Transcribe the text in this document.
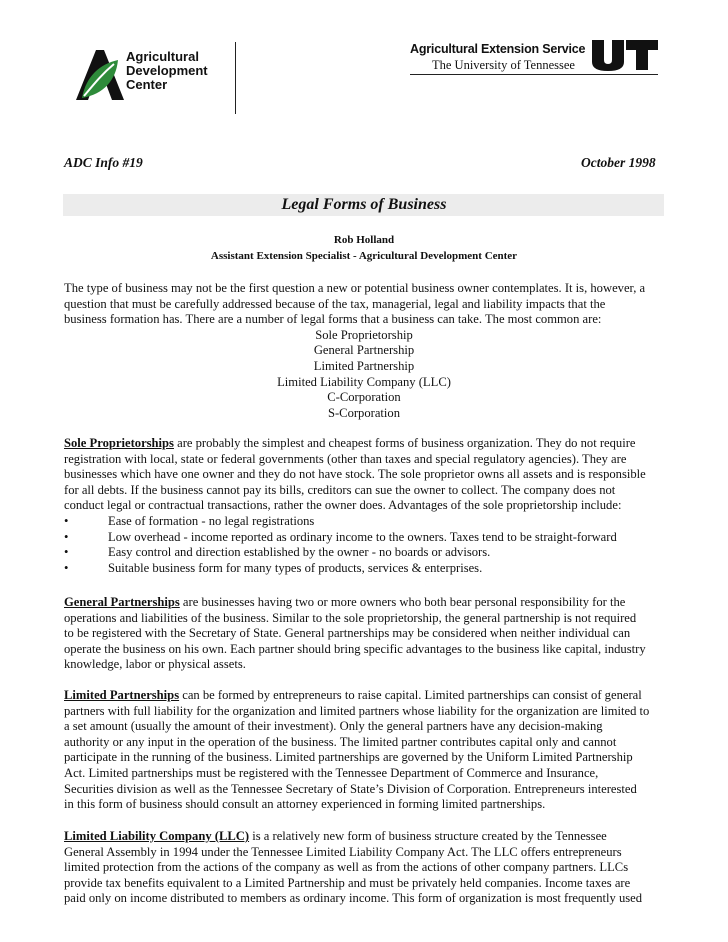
Agricultural
Development
Center
Agricultural Extension Service
The University of Tennessee
ADC Info #19	October 1998
Legal Forms of Business
Rob Holland
Assistant Extension Specialist - Agricultural Development Center

The type of business may not be the first question a new or potential business owner contemplates. It is, however, a

question that must be carefully addressed because of the tax, managerial, legal and liability impacts that the

business formation has. There are a number of legal forms that a business can take. The most common are:

Sole Proprietorship

General Partnership

Limited Partnership

Limited Liability Company (LLC)

C-Corporation

S-Corporation

Sole Proprietorships are probably the simplest and cheapest forms of business organization. They do not require

registration with local, state or federal governments (other than taxes and special regulatory agencies). They are

businesses which have one owner and they do not have stock. The sole proprietor owns all assets and is responsible

for all debts. If the business cannot pay its bills, creditors can sue the owner to collect. The company does not

conduct legal or contractual transactions, rather the owner does. Advantages of the sole proprietorship include:

•	Ease of formation - no legal registrations
•	Low overhead - income reported as ordinary income to the owners. Taxes tend to be straight-forward
•	Easy control and direction established by the owner - no boards or advisors.
•	Suitable business form for many types of products, services & enterprises.

General Partnerships are businesses having two or more owners who both bear personal responsibility for the

operations and liabilities of the business. Similar to the sole proprietorship, the general partnership is not required

to be registered with the Secretary of State. General partnerships may be considered when neither individual can

operate the business on his own. Each partner should bring specific advantages to the business like capital, industry

knowledge, labor or physical assets.

Limited Partnerships can be formed by entrepreneurs to raise capital. Limited partnerships can consist of general

partners with full liability for the organization and limited partners whose liability for the organization are limited to

a set amount (usually the amount of their investment). Only the general partners have any decision-making

authority or any input in the operation of the business. The limited partner contributes capital only and cannot

participate in the running of the business. Limited partnerships are governed by the Uniform Limited Partnership

Act. Limited partnerships must be registered with the Tennessee Department of Commerce and Insurance,

Securities division as well as the Tennessee Secretary of State’s Division of Corporation. Entrepreneurs interested

in this form of business should consult an attorney experienced in forming limited partnerships.

Limited Liability Company (LLC) is a relatively new form of business structure created by the Tennessee

General Assembly in 1994 under the Tennessee Limited Liability Company Act. The LLC offers entrepreneurs

limited protection from the actions of the company as well as from the actions of other company partners. LLCs

provide tax benefits equivalent to a Limited Partnership and must be privately held companies. Income taxes are

paid only on income distributed to members as ordinary income. This form of organization is most frequently used
